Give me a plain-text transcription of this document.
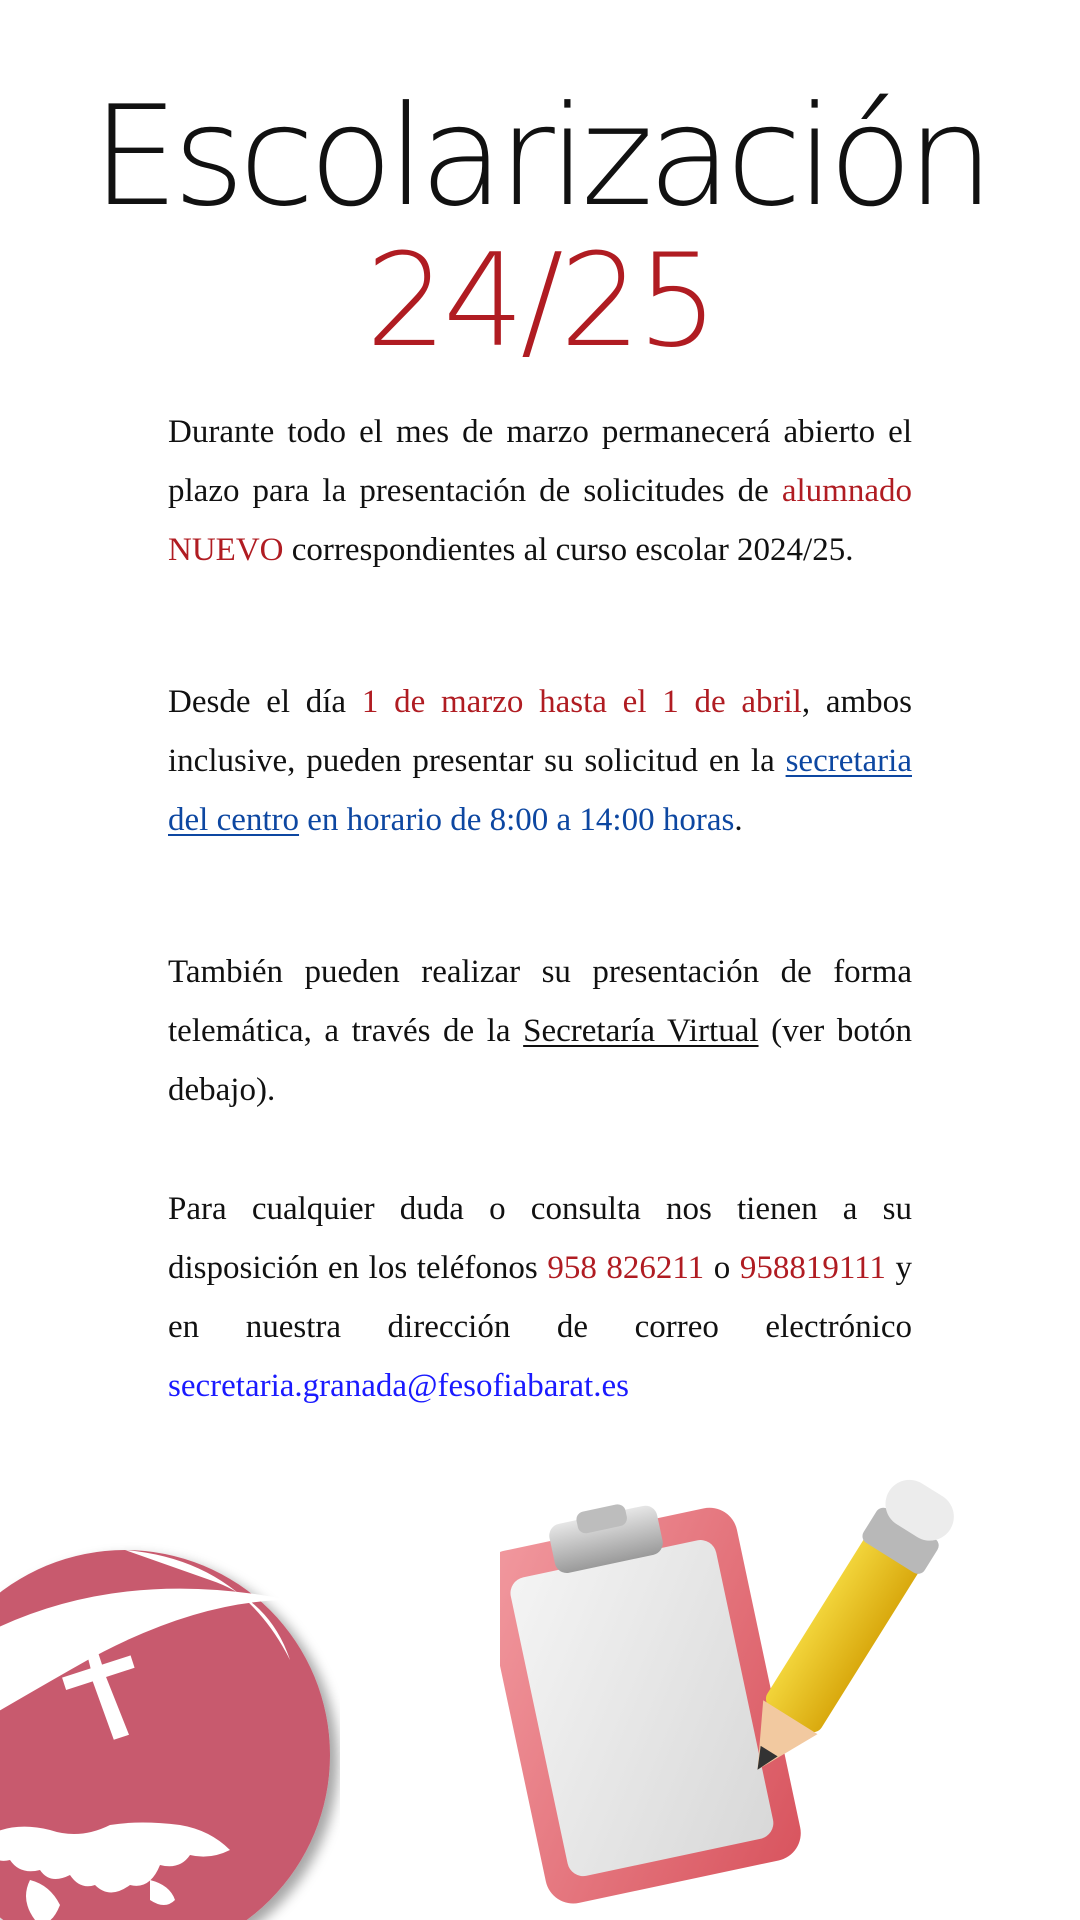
Escolarización
24/25

Durante todo el mes de marzo permanecerá abierto el plazo para la presentación de solicitudes de alumnado NUEVO correspondientes al curso escolar 2024/25.

Desde el día 1 de marzo hasta el 1 de abril, ambos inclusive, pueden presentar su solicitud en la secretaria del centro en horario de 8:00 a 14:00 horas.

También pueden realizar su presentación de forma telemática, a través de la Secretaría Virtual (ver botón debajo).

Para cualquier duda o consulta nos tienen a su disposición en los teléfonos 958 826211 o 958819111 y en nuestra dirección de correo electrónico secretaria.granada@fesofiabarat.es
